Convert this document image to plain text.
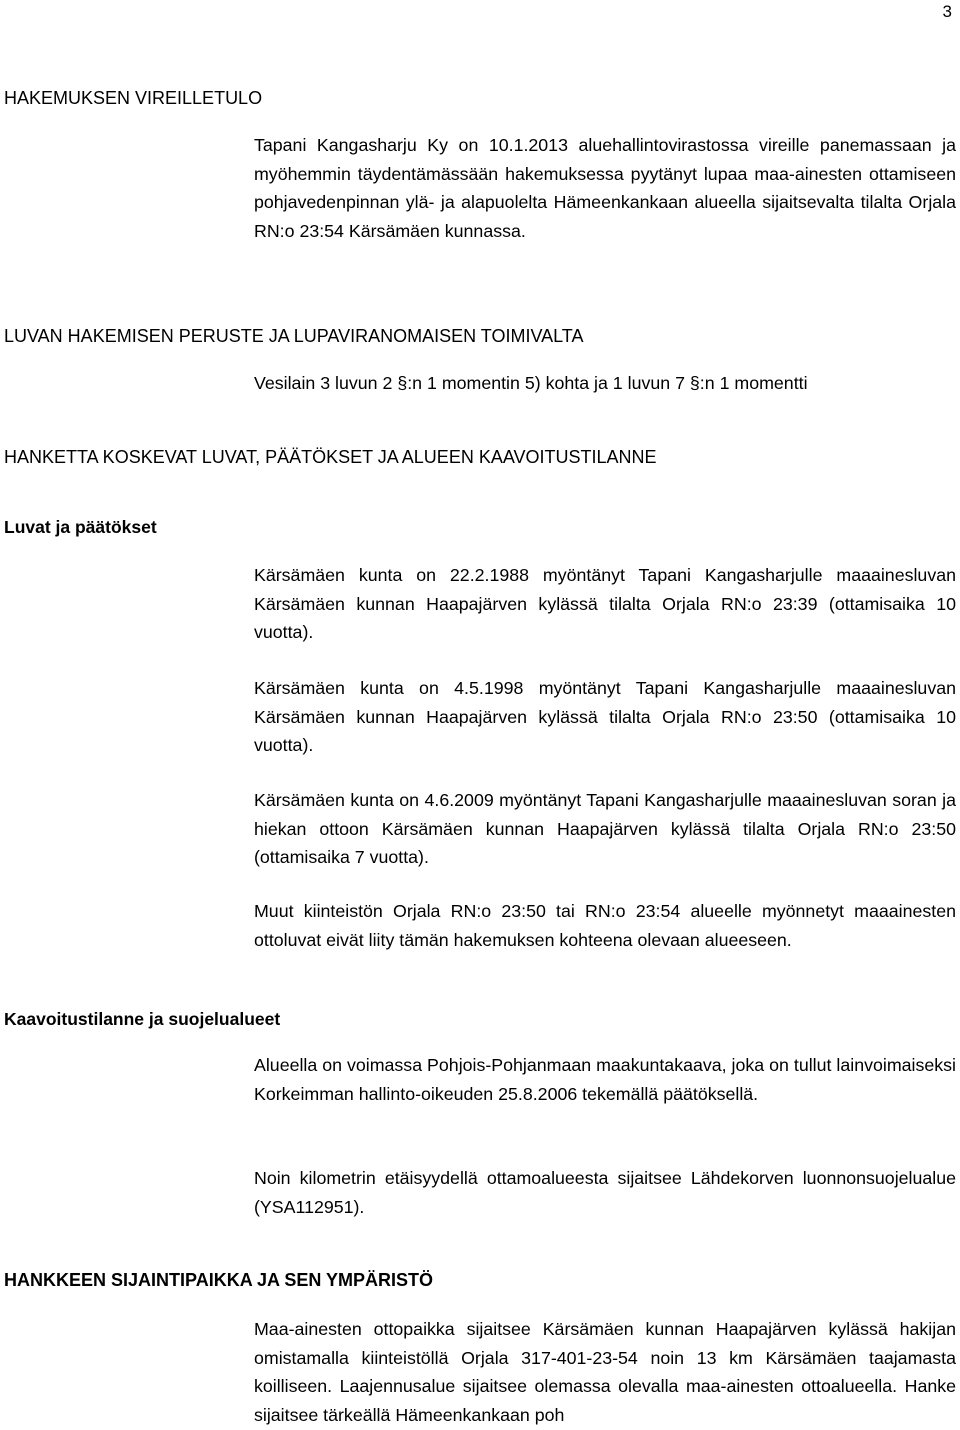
3
HAKEMUKSEN VIREILLETULO
Tapani Kangasharju Ky on 10.1.2013 aluehallintovirastossa vireille panemassaan ja myöhemmin täydentämässään hakemuksessa pyytänyt lupaa maa-ainesten ottamiseen pohjavedenpinnan ylä- ja alapuolelta Hämeenkankaan alueella sijaitsevalta tilalta Orjala RN:o 23:54 Kärsämäen kunnassa.
LUVAN HAKEMISEN PERUSTE JA LUPAVIRANOMAISEN TOIMIVALTA
Vesilain 3 luvun 2 §:n 1 momentin 5) kohta ja 1 luvun 7 §:n 1 momentti
HANKETTA KOSKEVAT LUVAT, PÄÄTÖKSET JA ALUEEN KAAVOITUSTILANNE
Luvat ja päätökset
Kärsämäen kunta on 22.2.1988 myöntänyt Tapani Kangasharjulle maaainesluvan Kärsämäen kunnan Haapajärven kylässä tilalta Orjala RN:o 23:39 (ottamisaika 10 vuotta).
Kärsämäen kunta on 4.5.1998 myöntänyt Tapani Kangasharjulle maaainesluvan Kärsämäen kunnan Haapajärven kylässä tilalta Orjala RN:o 23:50 (ottamisaika 10 vuotta).
Kärsämäen kunta on 4.6.2009 myöntänyt Tapani Kangasharjulle maaainesluvan soran ja hiekan ottoon Kärsämäen kunnan Haapajärven kylässä tilalta Orjala RN:o 23:50 (ottamisaika 7 vuotta).
Muut kiinteistön Orjala RN:o 23:50 tai RN:o 23:54 alueelle myönnetyt maaainesten ottoluvat eivät liity tämän hakemuksen kohteena olevaan alueeseen.
Kaavoitustilanne ja suojelualueet
Alueella on voimassa Pohjois-Pohjanmaan maakuntakaava, joka on tullut lainvoimaiseksi Korkeimman hallinto-oikeuden 25.8.2006 tekemällä päätöksellä.
Noin kilometrin etäisyydellä ottamoalueesta sijaitsee Lähdekorven luonnonsuojelualue (YSA112951).
HANKKEEN SIJAINTIPAIKKA JA SEN YMPÄRISTÖ
Maa-ainesten ottopaikka sijaitsee Kärsämäen kunnan Haapajärven kylässä hakijan omistamalla kiinteistöllä Orjala 317-401-23-54 noin 13 km Kärsämäen taajamasta koilliseen. Laajennusalue sijaitsee olemassa olevalla maa-ainesten ottoalueella. Hanke sijaitsee tärkeällä Hämeenkankaan poh
